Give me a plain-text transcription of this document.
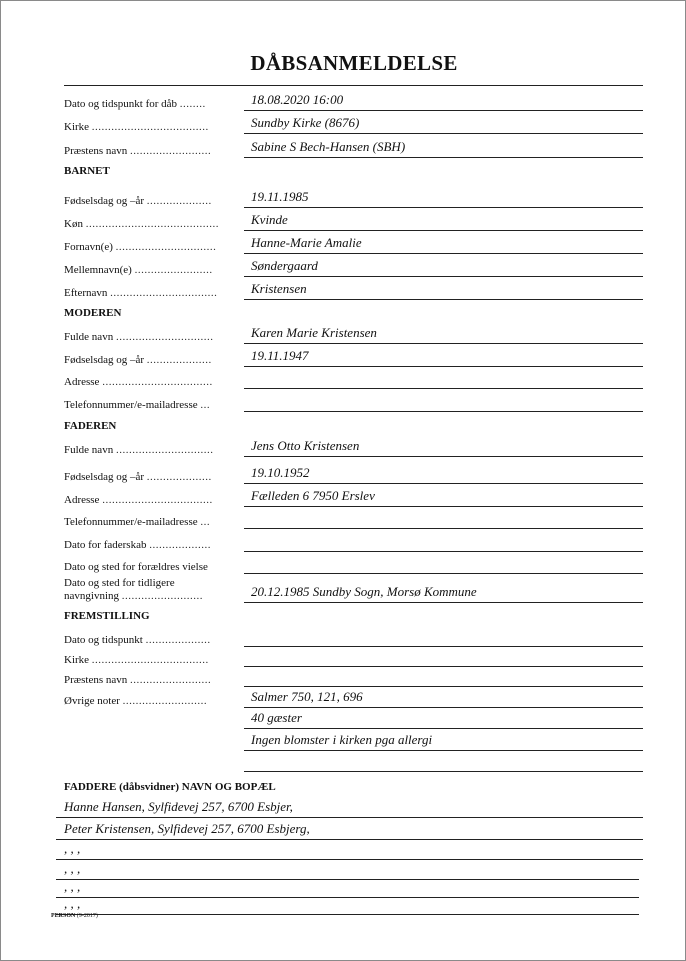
DÅBSANMELDELSE
Dato og tidspunkt for dåb ........	18.08.2020 16:00
Kirke ....................................	Sundby Kirke (8676)
Præstens navn .........................	Sabine S Bech-Hansen (SBH)
BARNET
Fødselsdag og –år ....................	19.11.1985
Køn .........................................	Kvinde
Fornavn(e) ...............................	Hanne-Marie Amalie
Mellemnavn(e) ........................	Søndergaard
Efternavn .................................	Kristensen
MODEREN
Fulde navn ..............................	Karen Marie Kristensen
Fødselsdag og –år ....................	19.11.1947
Adresse ..................................
Telefonnummer/e-mailadresse ...
FADEREN
Fulde navn ..............................	Jens Otto Kristensen
Fødselsdag og –år ....................	19.10.1952
Adresse ..................................	Fælleden 6 7950 Erslev
Telefonnummer/e-mailadresse ...
Dato for faderskab ...................
Dato og sted for forældres vielse
Dato og sted for tidligere
navngivning .........................	20.12.1985 Sundby Sogn, Morsø Kommune
FREMSTILLING
Dato og tidspunkt ....................
Kirke ....................................
Præstens navn .........................
Øvrige noter ..........................	Salmer 750, 121, 696
40 gæster
Ingen blomster i kirken pga allergi
FADDERE (dåbsvidner) NAVN OG BOPÆL
Hanne Hansen, Sylfidevej 257, 6700 Esbjer,
Peter Kristensen, Sylfidevej 257, 6700 Esbjerg,
, , ,
, , ,
, , ,
, , ,
PERSON (9-2017)
